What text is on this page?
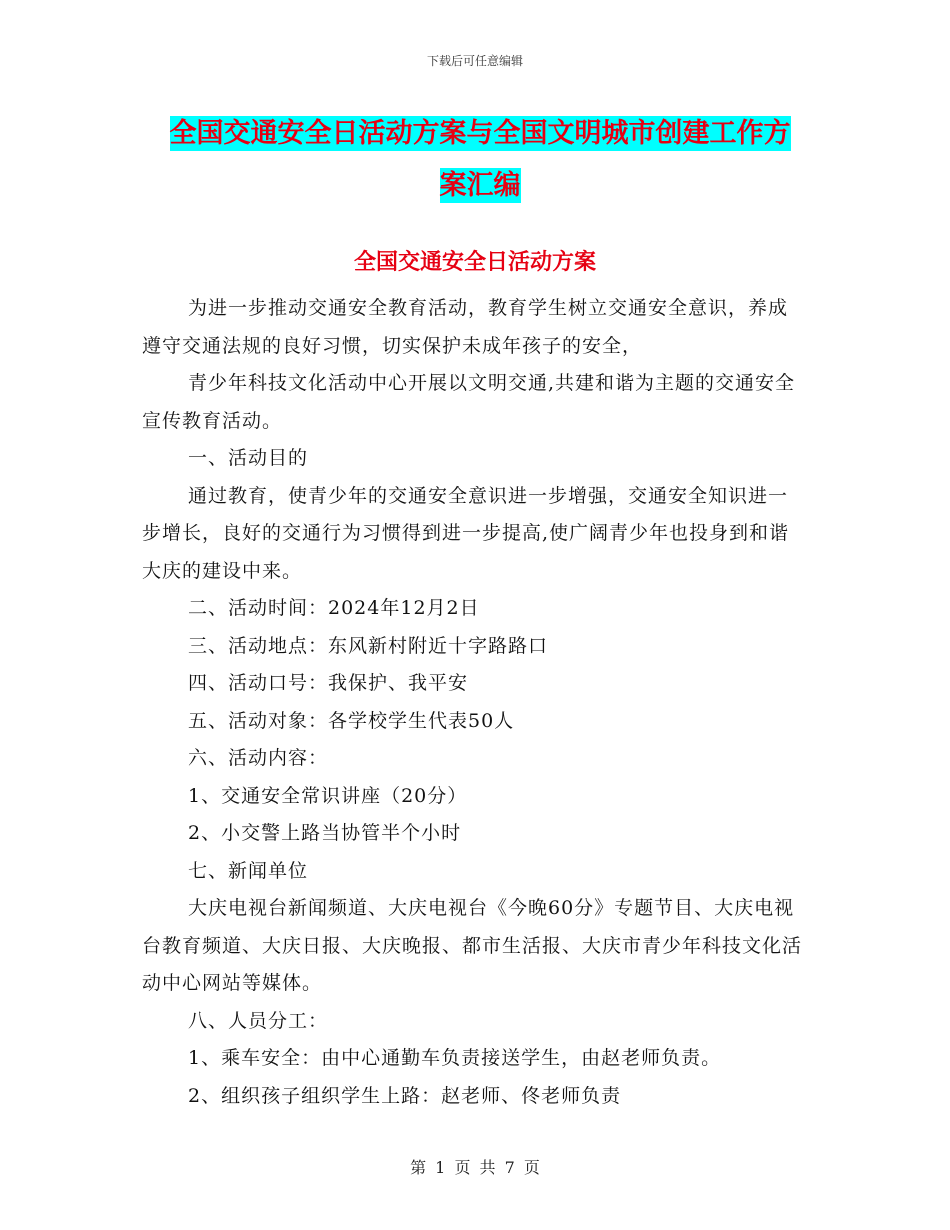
下载后可任意编辑
全国交通安全日活动方案与全国文明城市创建工作方
案汇编
全国交通安全日活动方案

为进一步推动交通安全教育活动，教育学生树立交通安全意识，养成遵守交通法规的良好习惯，切实保护未成年孩子的安全，

青少年科技文化活动中心开展以文明交通,共建和谐为主题的交通安全宣传教育活动。

一、活动目的

通过教育，使青少年的交通安全意识进一步增强，交通安全知识进一步增长，良好的交通行为习惯得到进一步提高,使广阔青少年也投身到和谐大庆的建设中来。

二、活动时间：2024年12月2日

三、活动地点：东风新村附近十字路路口

四、活动口号：我保护、我平安

五、活动对象：各学校学生代表50人

六、活动内容：

1、交通安全常识讲座（20分）

2、小交警上路当协管半个小时

七、新闻单位

大庆电视台新闻频道、大庆电视台《今晚60分》专题节目、大庆电视台教育频道、大庆日报、大庆晚报、都市生活报、大庆市青少年科技文化活动中心网站等媒体。

八、人员分工：

1、乘车安全：由中心通勤车负责接送学生，由赵老师负责。

2、组织孩子组织学生上路：赵老师、佟老师负责

第 1 页 共 7 页
